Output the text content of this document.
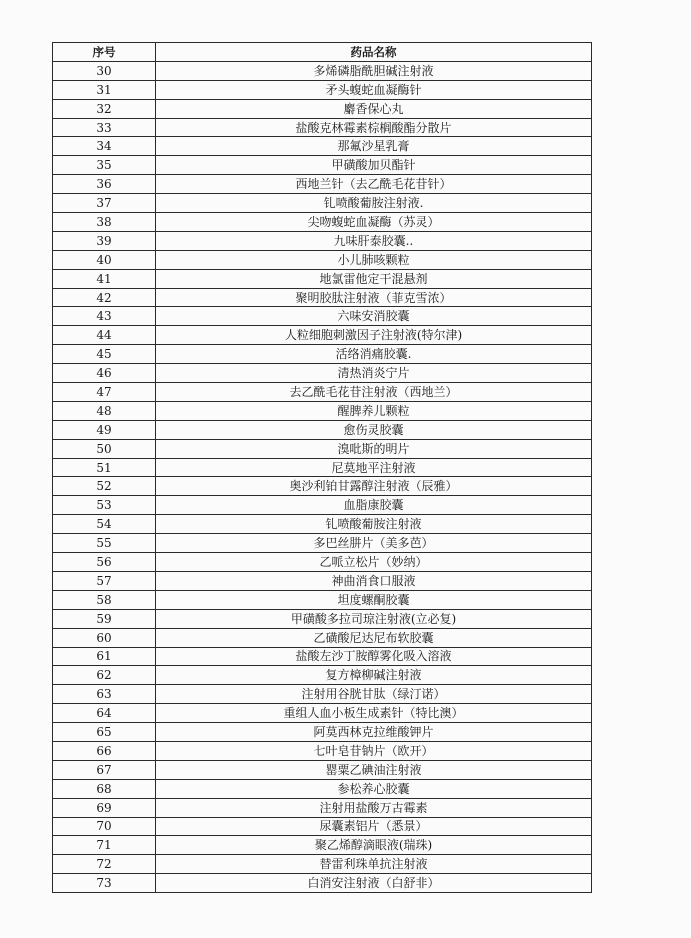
序号	药品名称
30	多烯磷脂酰胆碱注射液
31	矛头蝮蛇血凝酶针
32	麝香保心丸
33	盐酸克林霉素棕榈酸酯分散片
34	那氟沙星乳膏
35	甲磺酸加贝酯针
36	西地兰针（去乙酰毛花苷针）
37	钆喷酸葡胺注射液.
38	尖吻蝮蛇血凝酶（苏灵）
39	九味肝泰胶囊..
40	小儿肺咳颗粒
41	地氯雷他定干混悬剂
42	聚明胶肽注射液（菲克雪浓）
43	六味安消胶囊
44	人粒细胞刺激因子注射液(特尔津)
45	活络消痛胶囊.
46	清热消炎宁片
47	去乙酰毛花苷注射液（西地兰）
48	醒脾养儿颗粒
49	愈伤灵胶囊
50	溴吡斯的明片
51	尼莫地平注射液
52	奥沙利铂甘露醇注射液（辰雅）
53	血脂康胶囊
54	钆喷酸葡胺注射液
55	多巴丝肼片（美多芭）
56	乙哌立松片（妙纳）
57	神曲消食口服液
58	坦度螺酮胶囊
59	甲磺酸多拉司琼注射液(立必复)
60	乙磺酸尼达尼布软胶囊
61	盐酸左沙丁胺醇雾化吸入溶液
62	复方樟柳碱注射液
63	注射用谷胱甘肽（绿汀诺）
64	重组人血小板生成素针（特比澳）
65	阿莫西林克拉维酸钾片
66	七叶皂苷钠片（欧开）
67	罂粟乙碘油注射液
68	参松养心胶囊
69	注射用盐酸万古霉素
70	尿囊素铝片（悉景）
71	聚乙烯醇滴眼液(瑞珠)
72	替雷利珠单抗注射液
73	白消安注射液（白舒非）
